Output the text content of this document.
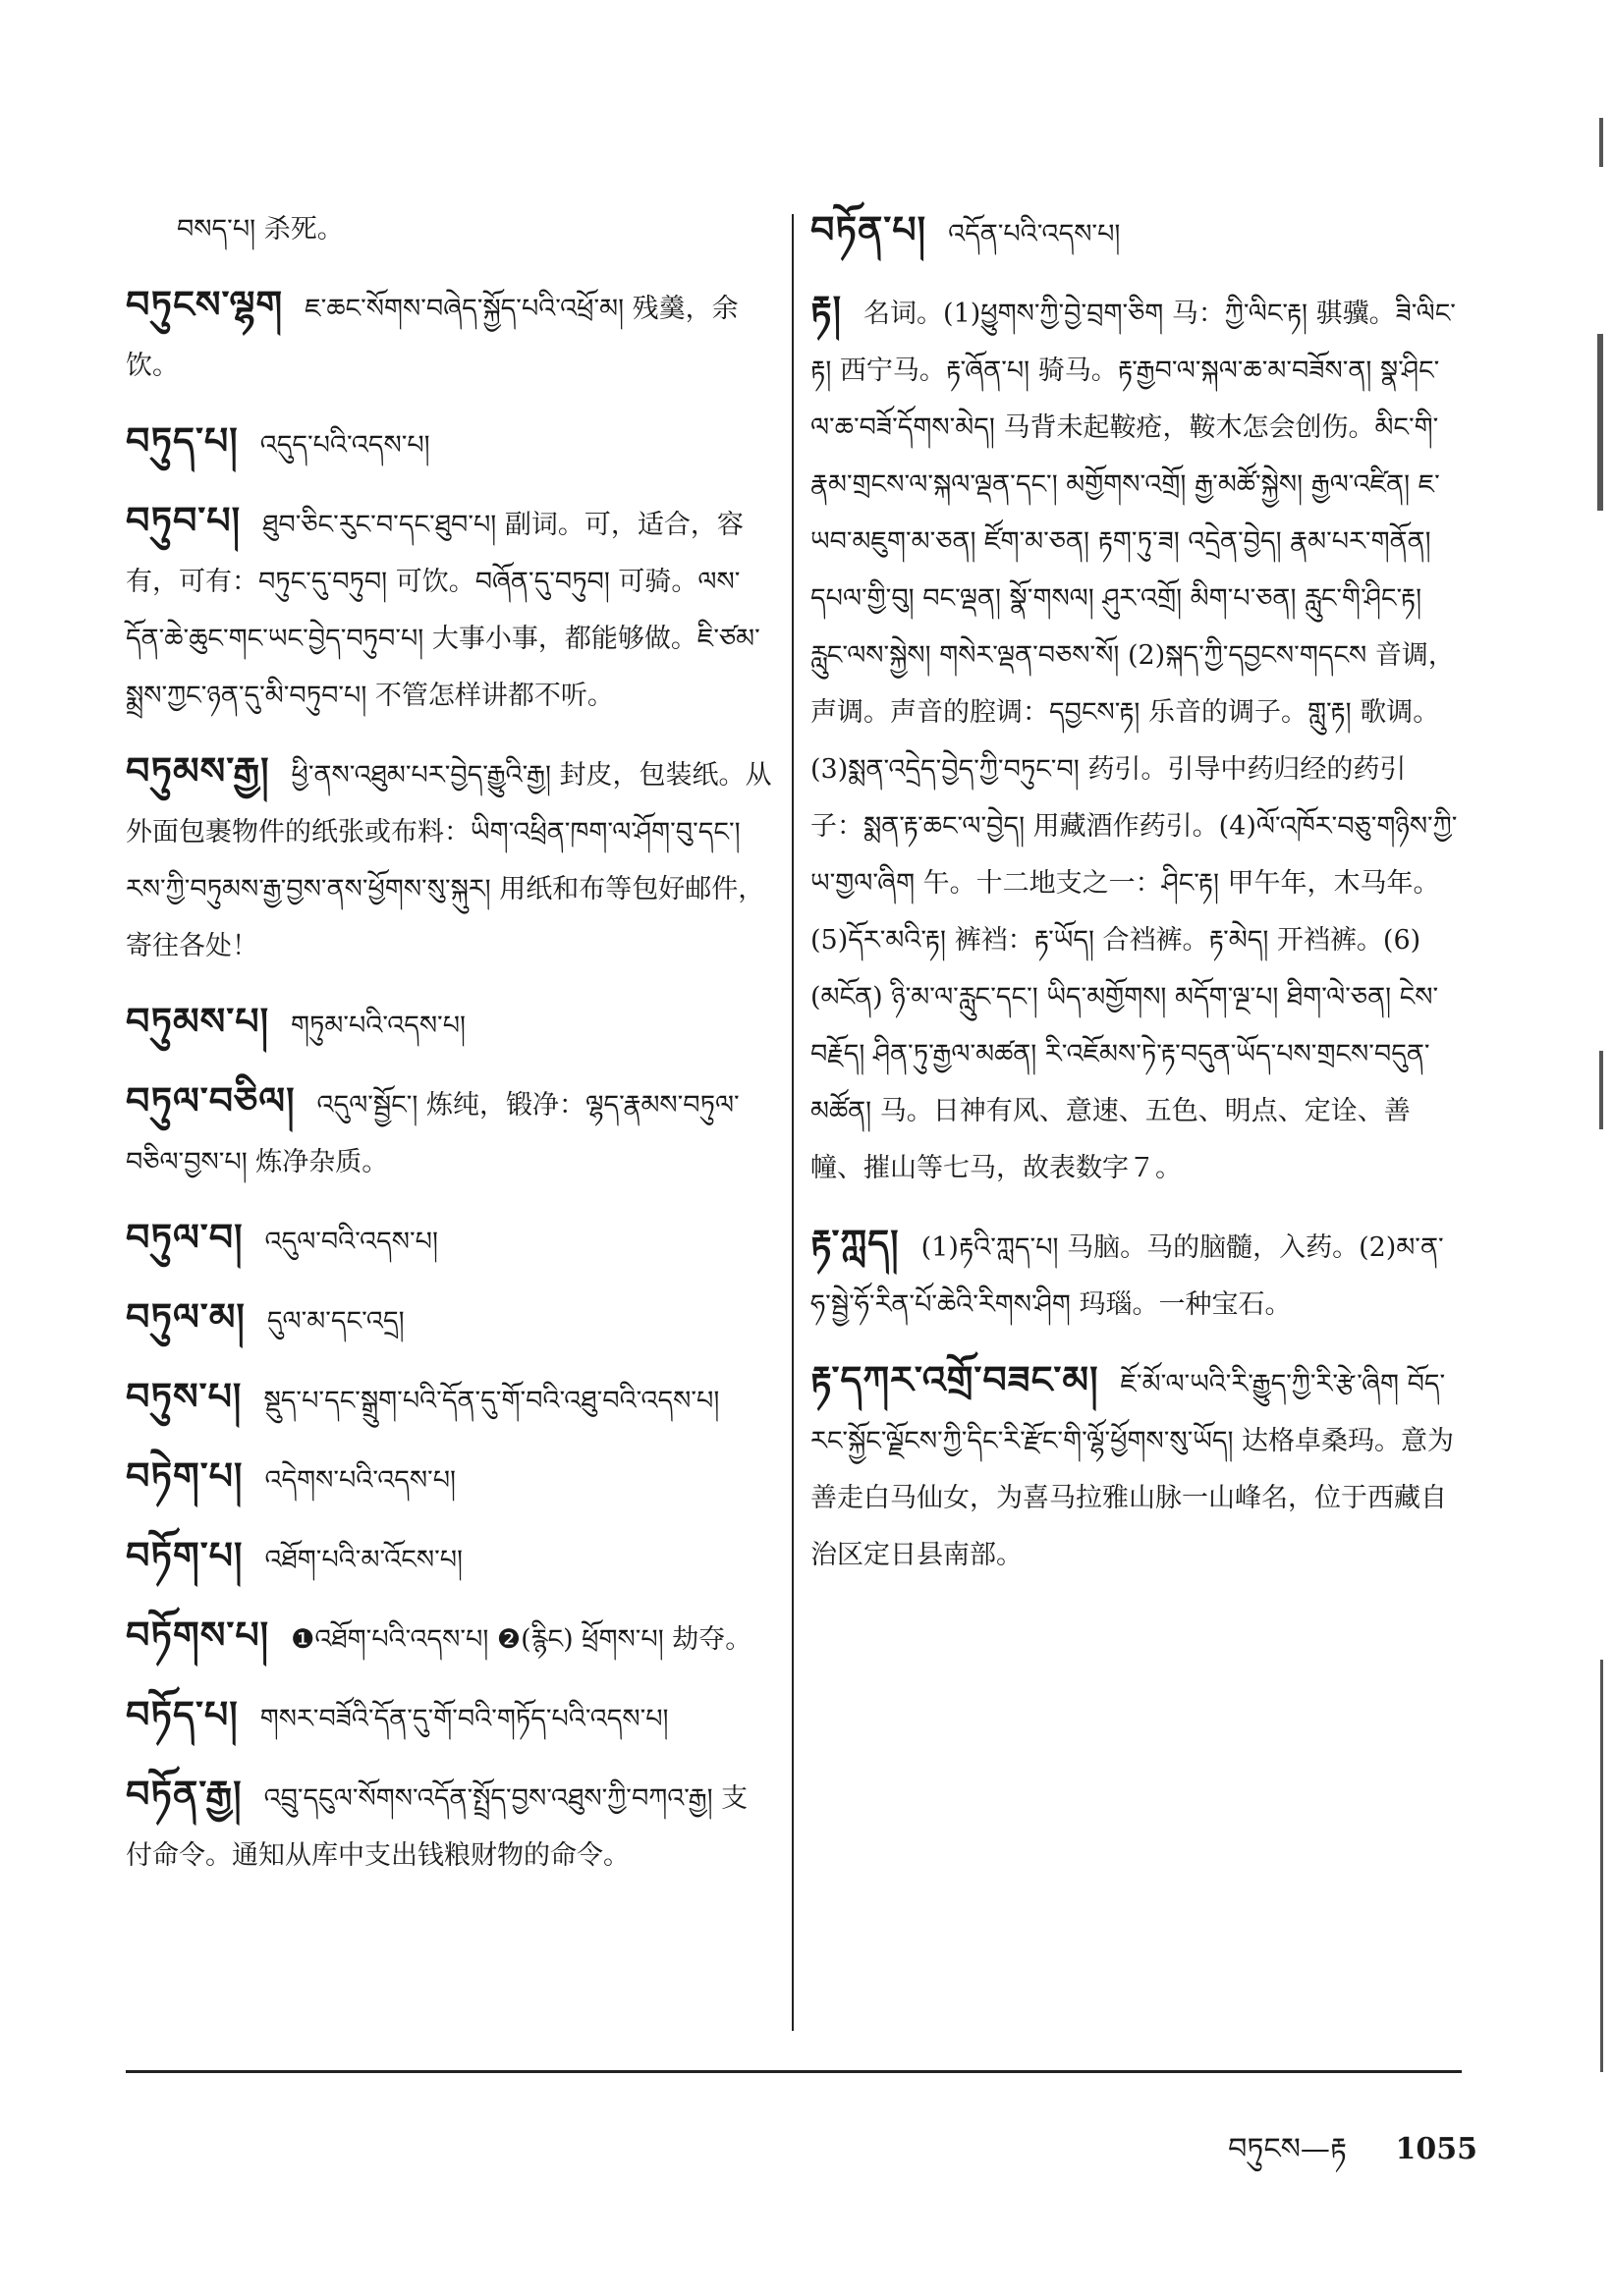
བསད་པ། 杀死。
བཏུངས་ལྷག ཇ་ཆང་སོགས་བཞེད་སྐྱོད་པའི་འཕྲོ་མ། 残羹，余饮。
བཏུད་པ། འདུད་པའི་འདས་པ།
བཏུབ་པ། ཐུབ་ཅིང་རུང་བ་དང་ཐུབ་པ། 副词。可，适合，容有，可有：བཏུང་དུ་བཏུབ། 可饮。བཞོན་དུ་བཏུབ། 可骑。ལས་དོན་ཆེ་ཆུང་གང་ཡང་བྱེད་བཏུབ་པ། 大事小事，都能够做。ཇི་ཙམ་སྨྲས་ཀྱང་ཉན་དུ་མི་བཏུབ་པ། 不管怎样讲都不听。
བཏུམས་རྒྱ། ཕྱི་ནས་འཐུམ་པར་བྱེད་རྒྱུའི་རྒྱ། 封皮，包装纸。从外面包裹物件的纸张或布料：ཡིག་འཕྲིན་ཁག་ལ་ཤོག་བུ་དང་། རས་ཀྱི་བཏུམས་རྒྱ་བྱས་ནས་ཕྱོགས་སུ་སྐུར། 用纸和布等包好邮件，寄往各处！
བཏུམས་པ། གཏུམ་པའི་འདས་པ།
བཏུལ་བཅིལ། འདུལ་སྦྱོང་། 炼纯，锻净：ལྷད་རྣམས་བཏུལ་བཅིལ་བྱས་པ། 炼净杂质。
བཏུལ་བ། འདུལ་བའི་འདས་པ།
བཏུལ་མ། དུལ་མ་དང་འདྲ།
བཏུས་པ། སྡུད་པ་དང་སྒྲུག་པའི་དོན་དུ་གོ་བའི་འཐུ་བའི་འདས་པ།
བཏེག་པ། འདེགས་པའི་འདས་པ།
བཏོག་པ། འཐོག་པའི་མ་འོངས་པ།
བཏོགས་པ། ❶འཐོག་པའི་འདས་པ། ❷(རྙིང) ཕྲོགས་པ། 劫夺。
བཏོད་པ། གསར་བཟོའི་དོན་དུ་གོ་བའི་གཏོད་པའི་འདས་པ།
བཏོན་རྒྱ། འབྲུ་དངུལ་སོགས་འདོན་སྤྲོད་བྱས་འཐུས་ཀྱི་བཀའ་རྒྱ། 支付命令。通知从库中支出钱粮财物的命令。
བཏོན་པ། འདོན་པའི་འདས་པ།
རྟ། 名词。(1)ཕྱུགས་ཀྱི་བྱེ་བྲག་ཅིག 马：ཀྱི་ལིང་རྟ། 骐骥。ཟི་ལིང་རྟ། 西宁马。རྟ་ཞོན་པ། 骑马。རྟ་རྒྱབ་ལ་སྐལ་ཆ་མ་བཟོས་ན། སྣ་ཤིང་ལ་ཆ་བཟོ་དོགས་མེད། 马背未起鞍疮，鞍木怎会创伤。མིང་གི་རྣམ་གྲངས་ལ་སྐལ་ལྡན་དང་། མགྱོགས་འགྲོ། རྒྱ་མཚོ་སྐྱེས། རྒྱལ་འཛིན། ཇ་ཡབ་མཇུག་མ་ཅན། ཛོག་མ་ཅན། རྟག་ཏུ་ཟ། འདྲེན་བྱེད། རྣམ་པར་གནོན། དཔལ་གྱི་བུ། བང་ལྡན། སྣོ་གསལ། ཤུར་འགྲོ། མིག་པ་ཅན། རླུང་གི་ཤིང་རྟ། རླུང་ལས་སྐྱེས། གསེར་ལྡན་བཅས་སོ། (2)སྐད་ཀྱི་དབྱངས་གདངས 音调，声调。声音的腔调：དབྱངས་རྟ། 乐音的调子。གླུ་རྟ། 歌调。(3)སྨན་འདྲེད་བྱེད་ཀྱི་བཏུང་བ། 药引。引导中药归经的药引子：སྨན་རྟ་ཆང་ལ་བྱེད། 用藏酒作药引。(4)ལོ་འཁོར་བཅུ་གཉིས་ཀྱི་ཡ་གྱལ་ཞིག 午。十二地支之一：ཤིང་རྟ། 甲午年，木马年。(5)དོར་མའི་རྟ། 裤裆：རྟ་ཡོད། 合裆裤。རྟ་མེད། 开裆裤。(6)(མངོན) ཉི་མ་ལ་རླུང་དང་། ཡིད་མགྱོགས། མདོག་ལྔ་པ། ཐིག་ལེ་ཅན། ངེས་བརྗོད། ཤིན་ཏུ་རྒྱལ་མཚན། རི་འཇོམས་ཏེ་རྟ་བདུན་ཡོད་པས་གྲངས་བདུན་མཚོན། 马。日神有风、意速、五色、明点、定诠、善幢、摧山等七马，故表数字７。
རྟ་ཀླད། (1)རྟའི་ཀླད་པ། 马脑。马的脑髓，入药。(2)མ་ན་ཧ་སྦྱེ་ཧོ་རིན་པོ་ཆེའི་རིགས་ཤིག 玛瑙。一种宝石。
རྟ་དཀར་འགྲོ་བཟང་མ། ཇོ་མོ་ལ་ཡའི་རི་རྒྱུད་ཀྱི་རི་རྩེ་ཞིག བོད་རང་སྐྱོང་ལྗོངས་ཀྱི་དིང་རི་རྫོང་གི་ལྷོ་ཕྱོགས་སུ་ཡོད། 达格卓桑玛。意为善走白马仙女，为喜马拉雅山脉一山峰名，位于西藏自治区定日县南部。
བཏུངས—རྟ 1055
